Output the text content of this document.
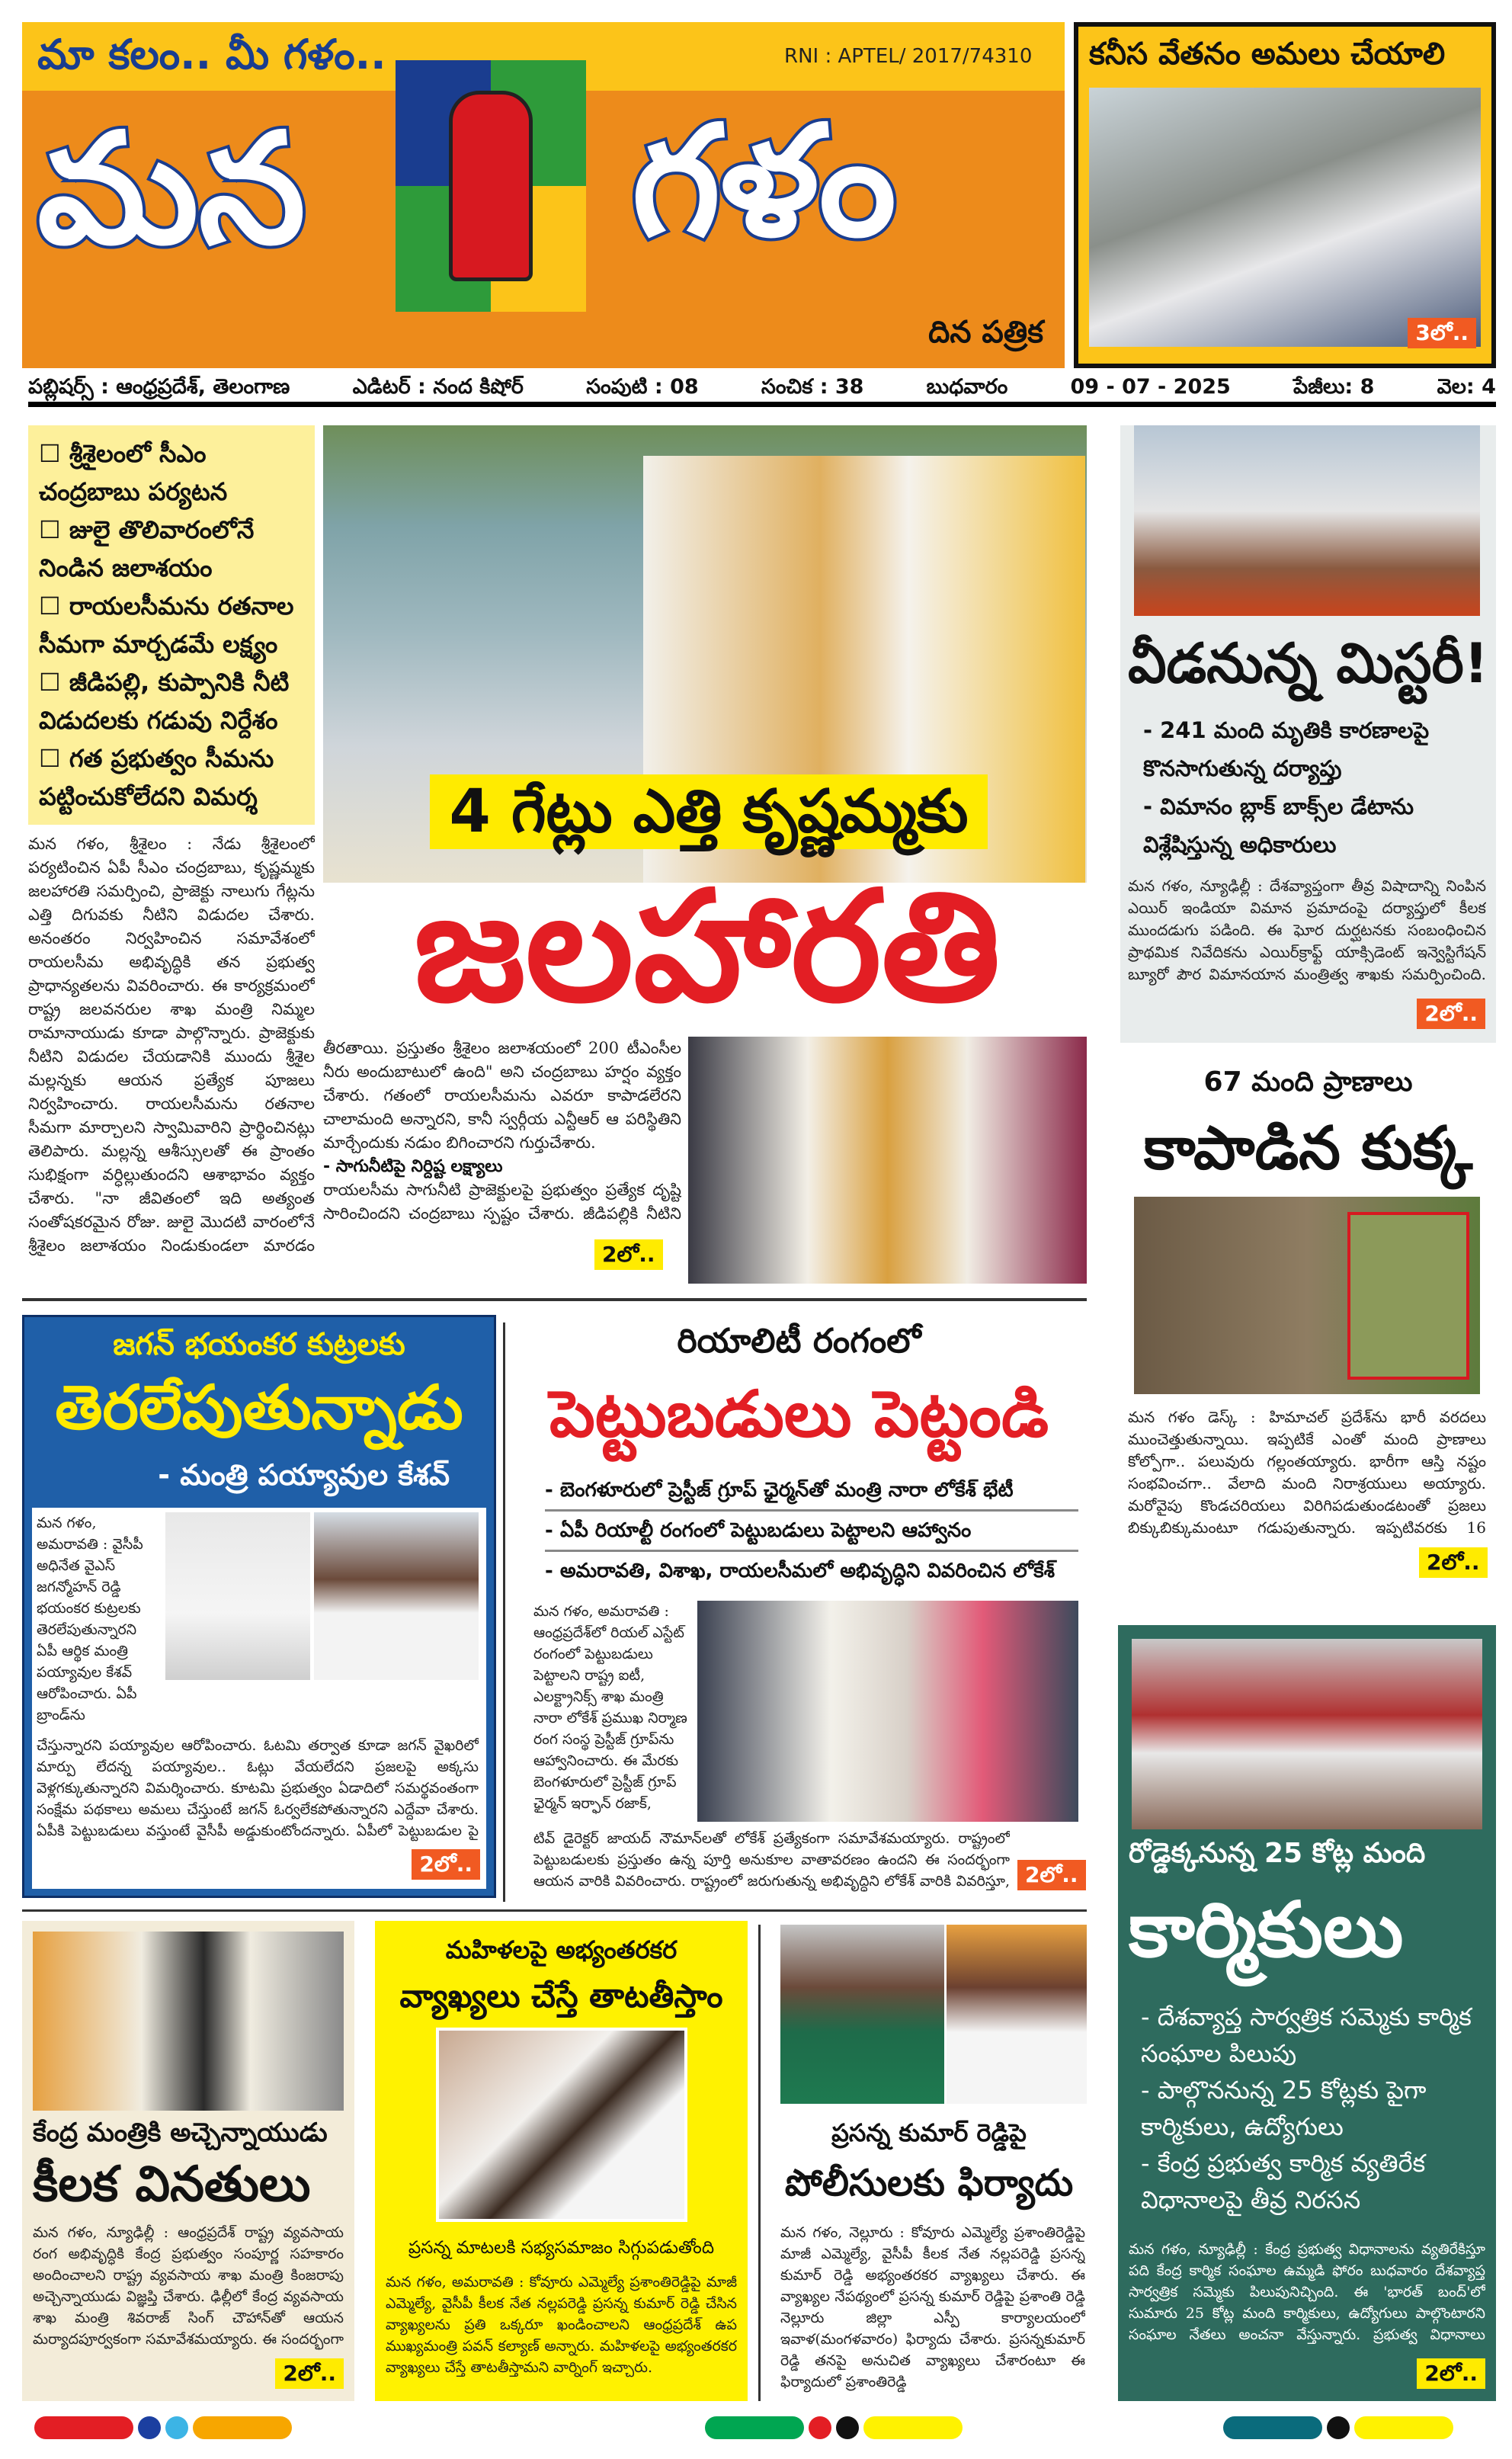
మా కలం.. మీ గళం..	RNI : APTEL/ 2017/74310
మన	గళం
దిన పత్రిక
కనీస వేతనం అమలు చేయాలి
3లో..
పబ్లిషర్స్ : ఆంధ్రప్రదేశ్, తెలంగాణ	ఎడిటర్ : నంద కిషోర్	సంపుటి : 08	సంచిక : 38	బుధవారం	09 - 07 - 2025	పేజీలు: 8	వెల: 4
☐ శ్రీశైలంలో సీఎం చంద్రబాబు పర్యటన
☐ జులై తొలివారంలోనే నిండిన జలాశయం
☐ రాయలసీమను రతనాల సీమగా మార్చడమే లక్ష్యం
☐ జీడిపల్లి, కుప్పానికి నీటి విడుదలకు గడువు నిర్దేశం
☐ గత ప్రభుత్వం సీమను పట్టించుకోలేదని విమర్శ
మన గళం, శ్రీశైలం : నేడు శ్రీశైలంలో పర్యటించిన ఏపీ సీఎం చంద్రబాబు, కృష్ణమ్మకు జలహారతి సమర్పించి, ప్రాజెక్టు నాలుగు గేట్లను ఎత్తి దిగువకు నీటిని విడుదల చేశారు. అనంతరం నిర్వహించిన సమావేశంలో రాయలసీమ అభివృద్ధికి తన ప్రభుత్వ ప్రాధాన్యతలను వివరించారు. ఈ కార్యక్రమంలో రాష్ట్ర జలవనరుల శాఖ మంత్రి నిమ్మల రామానాయుడు కూడా పాల్గొన్నారు. ప్రాజెక్టుకు నీటిని విడుదల చేయడానికి ముందు శ్రీశైల మల్లన్నకు ఆయన ప్రత్యేక పూజలు నిర్వహించారు. రాయలసీమను రతనాల సీమగా మార్చాలని స్వామివారిని ప్రార్థించినట్లు తెలిపారు. మల్లన్న ఆశీస్సులతో ఈ ప్రాంతం సుభిక్షంగా వర్ధిల్లుతుందని ఆశాభావం వ్యక్తం చేశారు. "నా జీవితంలో ఇది అత్యంత సంతోషకరమైన రోజు. జులై మొదటి వారంలోనే శ్రీశైలం జలాశయం నిండుకుండలా మారడం
4 గేట్లు ఎత్తి కృష్ణమ్మకు
జలహారతి
తీరతాయి. ప్రస్తుతం శ్రీశైలం జలాశయంలో 200 టీఎంసీల నీరు అందుబాటులో ఉంది" అని చంద్రబాబు హర్షం వ్యక్తం చేశారు. గతంలో రాయలసీమను ఎవరూ కాపాడలేరని చాలామంది అన్నారని, కానీ స్వర్గీయ ఎన్టీఆర్ ఆ పరిస్థితిని మార్చేందుకు నడుం బిగించారని గుర్తుచేశారు.
- సాగునీటిపై నిర్దిష్ట లక్ష్యాలు
రాయలసీమ సాగునీటి ప్రాజెక్టులపై ప్రభుత్వం ప్రత్యేక దృష్టి సారించిందని చంద్రబాబు స్పష్టం చేశారు. జీడిపల్లికి నీటిని
2లో..
వీడనున్న మిస్టరీ!
- 241 మంది మృతికి కారణాలపై కొనసాగుతున్న దర్యాప్తు
- విమానం బ్లాక్ బాక్స్‌ల డేటాను విశ్లేషిస్తున్న అధికారులు
మన గళం, న్యూఢిల్లీ : దేశవ్యాప్తంగా తీవ్ర విషాదాన్ని నింపిన ఎయిర్ ఇండియా విమాన ప్రమాదంపై దర్యాప్తులో కీలక ముందడుగు పడింది. ఈ ఘోర దుర్ఘటనకు సంబంధించిన ప్రాథమిక నివేదికను ఎయిర్‌క్రాఫ్ట్ యాక్సిడెంట్ ఇన్వెస్టిగేషన్ బ్యూరో పౌర విమానయాన మంత్రిత్వ శాఖకు సమర్పించింది.
2లో..
67 మంది ప్రాణాలు
కాపాడిన కుక్క
మన గళం డెస్క్ : హిమాచల్ ప్రదేశ్‌ను భారీ వరదలు ముంచెత్తుతున్నాయి. ఇప్పటికే ఎంతో మంది ప్రాణాలు కోల్పోగా.. పలువురు గల్లంతయ్యారు. భారీగా ఆస్తి నష్టం సంభవించగా.. వేలాది మంది నిరాశ్రయులు అయ్యారు. మరోవైపు కొండచరియలు విరిగిపడుతుండటంతో ప్రజలు బిక్కుబిక్కుమంటూ గడుపుతున్నారు. ఇప్పటివరకు 16
2లో..
జగన్ భయంకర కుట్రలకు
తెరలేపుతున్నాడు
- మంత్రి పయ్యావుల కేశవ్
మన గళం, అమరావతి : వైసీపీ అధినేత వైఎస్ జగన్మోహన్ రెడ్డి భయంకర కుట్రలకు తెరలేపుతున్నారని ఏపీ ఆర్థిక మంత్రి పయ్యావుల కేశవ్ ఆరోపించారు. ఏపీ బ్రాండ్‌ను
చేస్తున్నారని పయ్యావుల ఆరోపించారు. ఓటమి తర్వాత కూడా జగన్ వైఖరిలో మార్పు లేదన్న పయ్యావుల.. ఓట్లు వేయలేదని ప్రజలపై అక్కసు వెళ్లగక్కుతున్నారని విమర్శించారు. కూటమి ప్రభుత్వం ఏడాదిలో సమర్థవంతంగా సంక్షేమ పథకాలు అమలు చేస్తుంటే జగన్ ఓర్వలేకపోతున్నారని ఎద్దేవా చేశారు. ఏపీకి పెట్టుబడులు వస్తుంటే వైసీపీ అడ్డుకుంటోందన్నారు. ఏపీలో పెట్టుబడుల పై
2లో..
రియాలిటీ రంగంలో
పెట్టుబడులు పెట్టండి
- బెంగళూరులో ప్రెస్టీజ్ గ్రూప్ ఛైర్మన్‌తో మంత్రి నారా లోకేశ్ భేటీ
- ఏపీ రియాల్టీ రంగంలో పెట్టుబడులు పెట్టాలని ఆహ్వానం
- అమరావతి, విశాఖ, రాయలసీమలో అభివృద్ధిని వివరించిన లోకేశ్
మన గళం, అమరావతి : ఆంధ్రప్రదేశ్‌లో రియల్ ఎస్టేట్ రంగంలో పెట్టుబడులు పెట్టాలని రాష్ట్ర ఐటీ, ఎలక్ట్రానిక్స్ శాఖ మంత్రి నారా లోకేశ్ ప్రముఖ నిర్మాణ రంగ సంస్థ ప్రెస్టీజ్ గ్రూప్‌ను ఆహ్వానించారు. ఈ మేరకు బెంగళూరులో ప్రెస్టీజ్ గ్రూప్ ఛైర్మన్ ఇర్ఫాన్ రజాక్,
టివ్ డైరెక్టర్ జాయద్ నౌమాన్‌లతో లోకేశ్ ప్రత్యేకంగా సమావేశమయ్యారు. రాష్ట్రంలో పెట్టుబడులకు ప్రస్తుతం ఉన్న పూర్తి అనుకూల వాతావరణం ఉందని ఈ సందర్భంగా ఆయన వారికి వివరించారు. రాష్ట్రంలో జరుగుతున్న అభివృద్ధిని లోకేశ్ వారికి వివరిస్తూ, 2లో..
రోడ్డెక్కనున్న 25 కోట్ల మంది
కార్మికులు
- దేశవ్యాప్త సార్వత్రిక సమ్మెకు కార్మిక సంఘాల పిలుపు
- పాల్గొననున్న 25 కోట్లకు పైగా కార్మికులు, ఉద్యోగులు
- కేంద్ర ప్రభుత్వ కార్మిక వ్యతిరేక విధానాలపై తీవ్ర నిరసన
మన గళం, న్యూఢిల్లీ : కేంద్ర ప్రభుత్వ విధానాలను వ్యతిరేకిస్తూ పది కేంద్ర కార్మిక సంఘాల ఉమ్మడి ఫోరం బుధవారం దేశవ్యాప్త సార్వత్రిక సమ్మెకు పిలుపునిచ్చింది. ఈ 'భారత్ బంద్'లో సుమారు 25 కోట్ల మంది కార్మికులు, ఉద్యోగులు పాల్గొంటారని సంఘాల నేతలు అంచనా వేస్తున్నారు. ప్రభుత్వ విధానాలు
2లో..
కేంద్ర మంత్రికి అచ్చెన్నాయుడు
కీలక వినతులు
మన గళం, న్యూఢిల్లీ : ఆంధ్రప్రదేశ్ రాష్ట్ర వ్యవసాయ రంగ అభివృద్ధికి కేంద్ర ప్రభుత్వం సంపూర్ణ సహకారం అందించాలని రాష్ట్ర వ్యవసాయ శాఖ మంత్రి కింజరాపు అచ్చెన్నాయుడు విజ్ఞప్తి చేశారు. ఢిల్లీలో కేంద్ర వ్యవసాయ శాఖ మంత్రి శివరాజ్ సింగ్ చౌహాన్‌తో ఆయన మర్యాదపూర్వకంగా సమావేశమయ్యారు. ఈ సందర్భంగా
2లో..
మహిళలపై అభ్యంతరకర
వ్యాఖ్యలు చేస్తే తాటతీస్తాం
ప్రసన్న మాటలకి సభ్యసమాజం సిగ్గుపడుతోంది
మన గళం, అమరావతి : కోవూరు ఎమ్మెల్యే ప్రశాంతిరెడ్డిపై మాజీ ఎమ్మెల్యే, వైసీపీ కీలక నేత నల్లపరెడ్డి ప్రసన్న కుమార్ రెడ్డి చేసిన వ్యాఖ్యలను ప్రతి ఒక్కరూ ఖండించాలని ఆంధ్రప్రదేశ్ ఉప ముఖ్యమంత్రి పవన్ కల్యాణ్ అన్నారు. మహిళలపై అభ్యంతరకర వ్యాఖ్యలు చేస్తే తాటతీస్తామని వార్నింగ్ ఇచ్చారు.
ప్రసన్న కుమార్ రెడ్డిపై
పోలీసులకు ఫిర్యాదు
మన గళం, నెల్లూరు : కోవూరు ఎమ్మెల్యే ప్రశాంతిరెడ్డిపై మాజీ ఎమ్మెల్యే, వైసీపీ కీలక నేత నల్లపరెడ్డి ప్రసన్న కుమార్ రెడ్డి అభ్యంతరకర వ్యాఖ్యలు చేశారు. ఈ వ్యాఖ్యల నేపథ్యంలో ప్రసన్న కుమార్ రెడ్డిపై ప్రశాంతి రెడ్డి నెల్లూరు జిల్లా ఎస్పీ కార్యాలయంలో ఇవాళ(మంగళవారం) ఫిర్యాదు చేశారు. ప్రసన్నకుమార్ రెడ్డి తనపై అనుచిత వ్యాఖ్యలు చేశారంటూ ఈ ఫిర్యాదులో ప్రశాంతిరెడ్డి
